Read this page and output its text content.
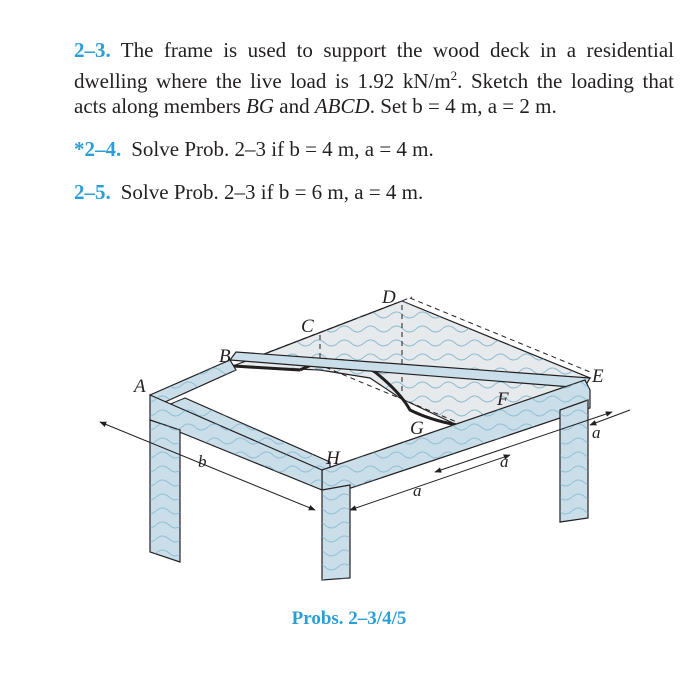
2–3. The frame is used to support the wood deck in a residential dwelling where the live load is 1.92 $kN/m^2$. Sketch the loading that acts along members BG and ABCD. Set b = 4 m, a = 2 m.

*2–4. Solve Prob. 2–3 if b = 4 m, a = 4 m.

2–5. Solve Prob. 2–3 if b = 6 m, a = 4 m.

A
B
C
D
E
F
G
H
b
a
a
a
Probs. 2–3/4/5
